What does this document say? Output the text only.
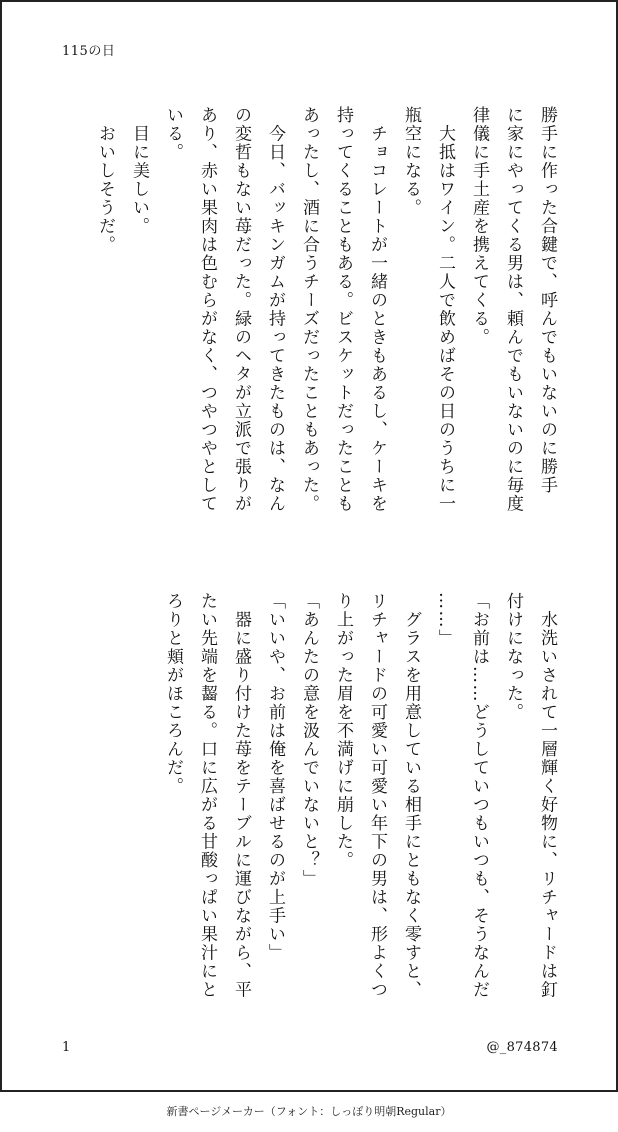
115の日
勝手に作った合鍵で、呼んでもいないのに勝手
に家にやってくる男は、頼んでもいないのに毎度
律儀に手土産を携えてくる。
　大抵はワイン。二人で飲めばその日のうちに一
瓶空になる。
　チョコレートが一緒のときもあるし、ケーキを
持ってくることもある。ビスケットだったことも
あったし、酒に合うチーズだったこともあった。
　今日、バッキンガムが持ってきたものは、なん
の変哲もない苺だった。緑のヘタが立派で張りが
あり、赤い果肉は色むらがなく、つやつやとして
いる。
　目に美しい。
　おいしそうだ。
　水洗いされて一層輝く好物に、リチャードは釘
付けになった。
「お前は……どうしていつもいつも、そうなんだ
……」
　グラスを用意している相手にともなく零すと、
リチャードの可愛い可愛い年下の男は、形よくつ
り上がった眉を不満げに崩した。
「あんたの意を汲んでいないと？」
「いいや、お前は俺を喜ばせるのが上手い」
　器に盛り付けた苺をテーブルに運びながら、平
たい先端を齧る。口に広がる甘酸っぱい果汁にと
ろりと頬がほころんだ。
1	@_874874
新書ページメーカー（フォント：しっぽり明朝Regular）
